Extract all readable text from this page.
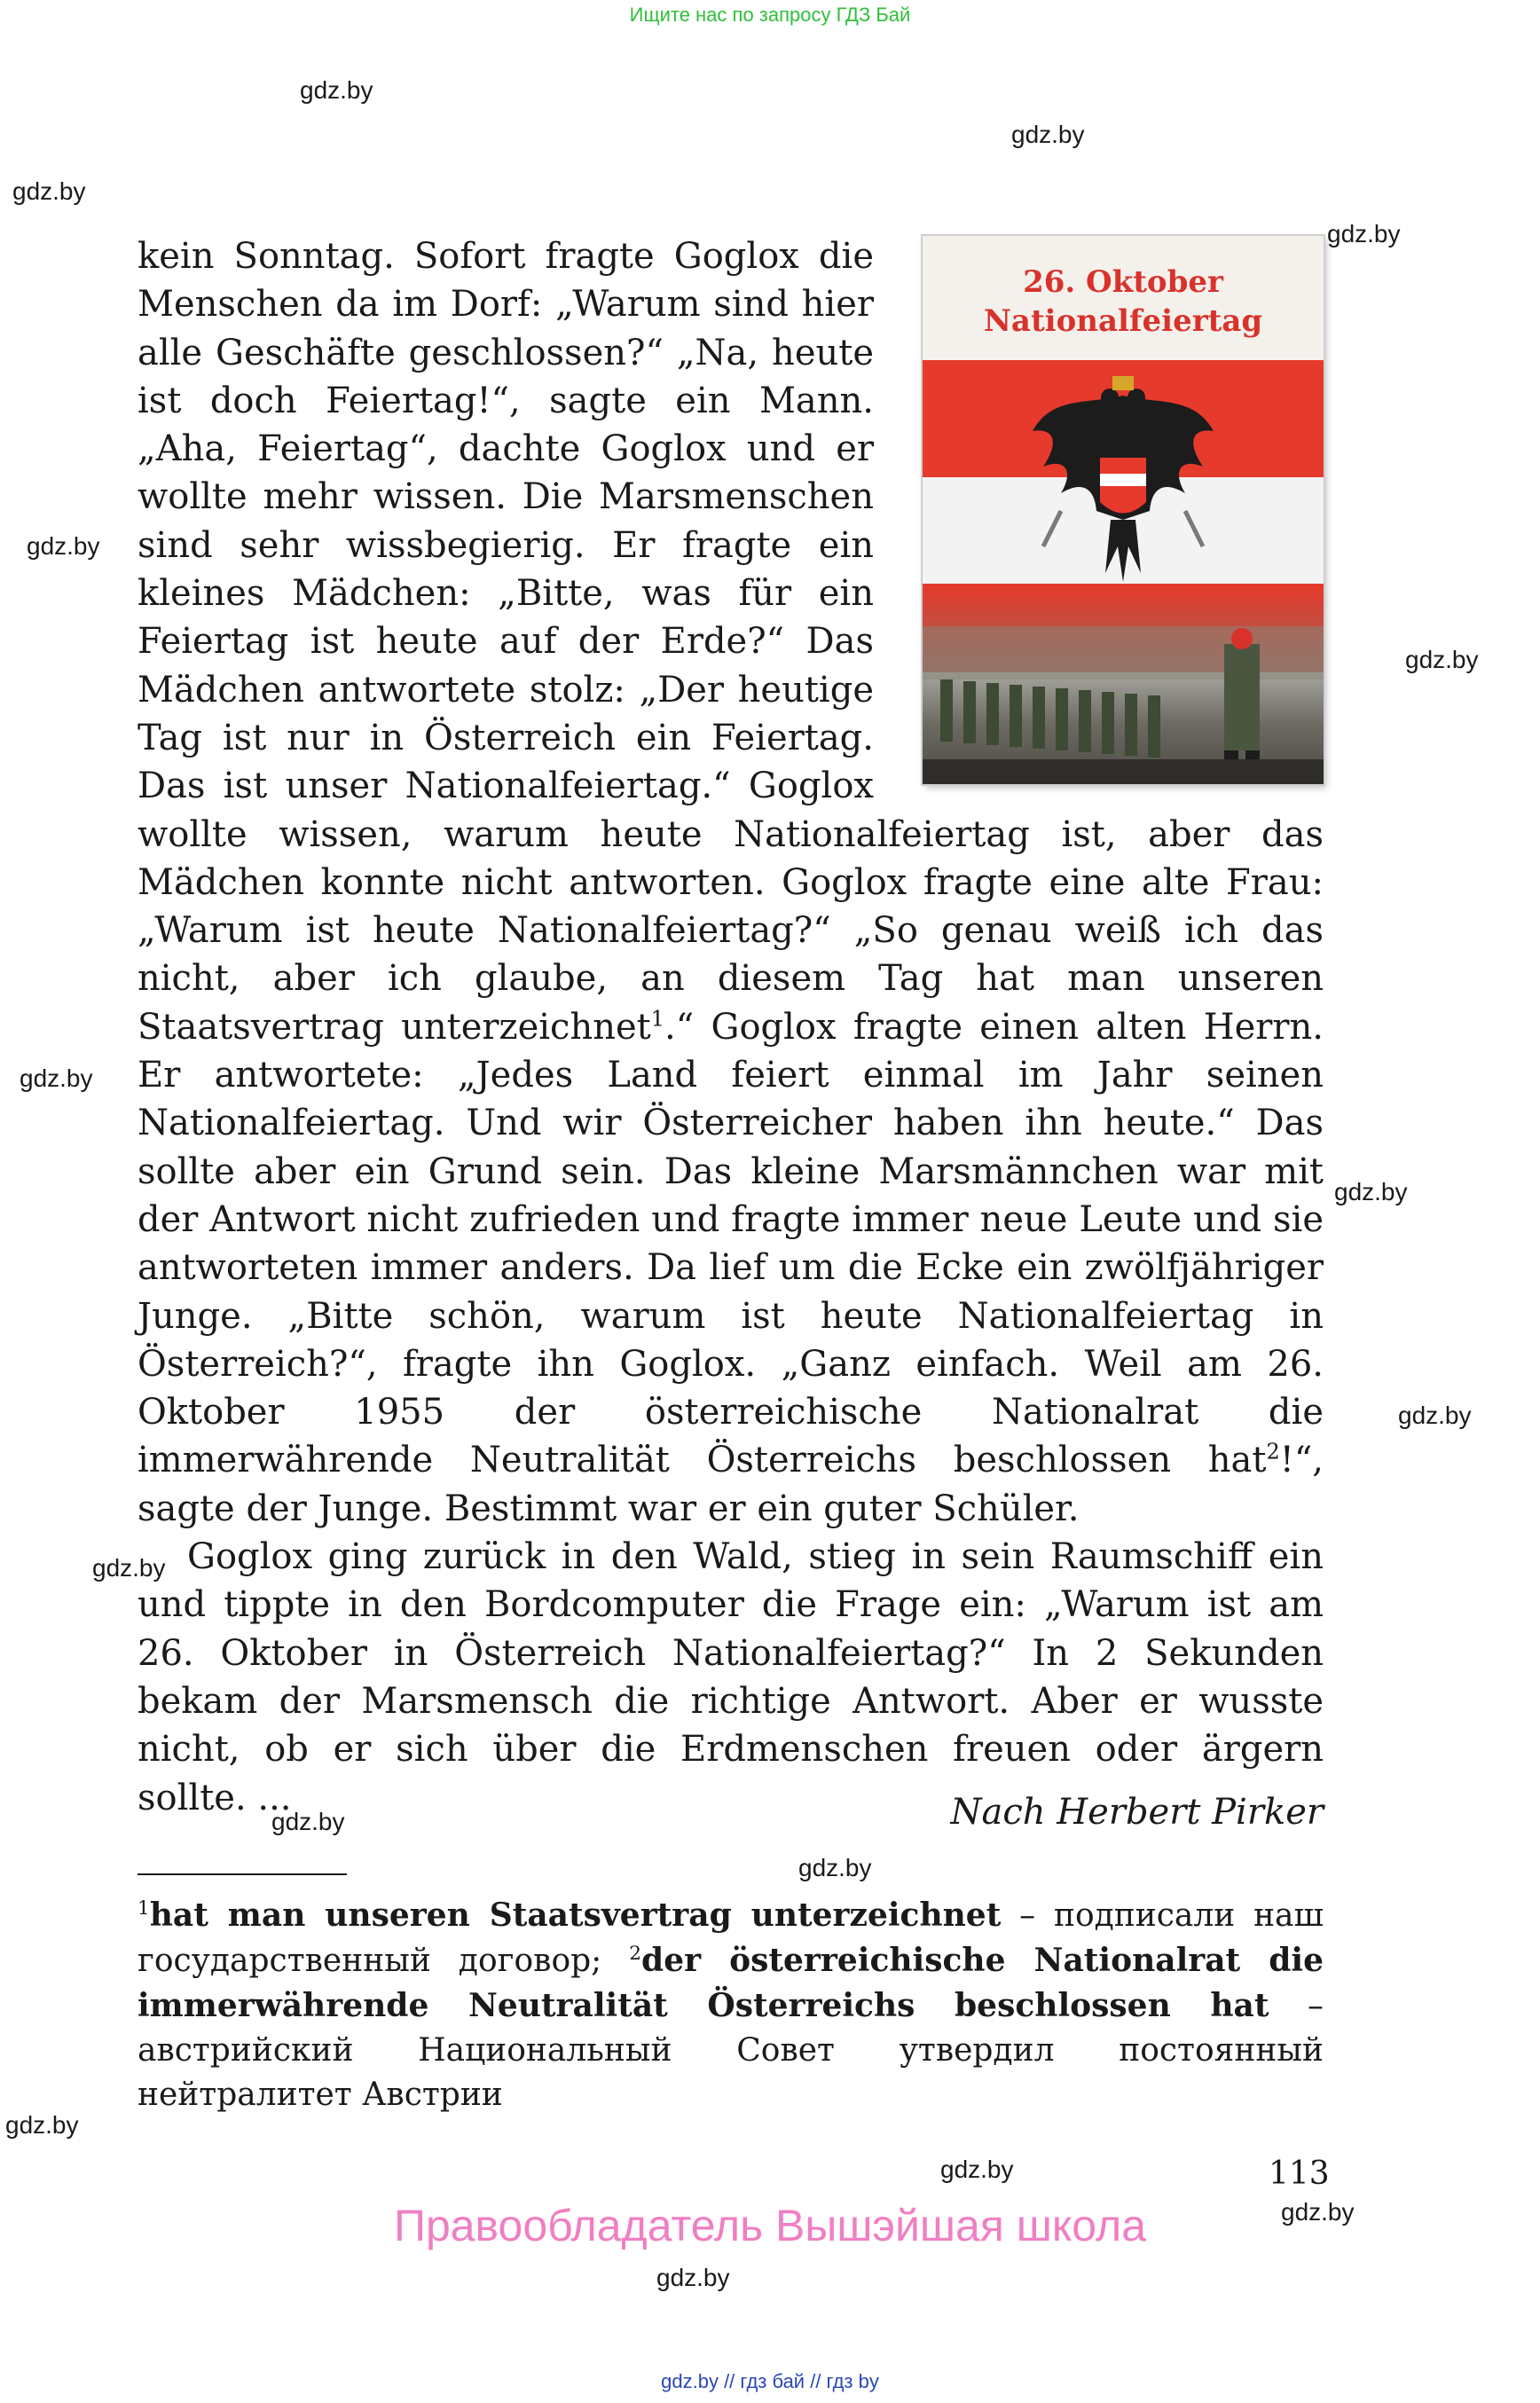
Ищите нас по запросу ГДЗ Бай
gdz.by
gdz.by
gdz.by
gdz.by
gdz.by
gdz.by
gdz.by
gdz.by
gdz.by
gdz.by
gdz.by
gdz.by
gdz.by
gdz.by
gdz.by
gdz.by
26. Oktober
Nationalfeiertag

kein Sonntag. Sofort fragte Goglox die Menschen da im Dorf: „Warum sind hier alle Geschäfte geschlossen?“ „Na, heute ist doch Feiertag!“, sagte ein Mann. „Aha, Feiertag“, dachte Goglox und er wollte mehr wissen. Die Marsmenschen sind sehr wissbegierig. Er fragte ein kleines Mädchen: „Bitte, was für ein Feiertag ist heute auf der Erde?“ Das Mädchen antwortete stolz: „Der heutige Tag ist nur in Österreich ein Feiertag. Das ist unser Nationalfeiertag.“ Goglox wollte wissen, warum heute Nationalfeiertag ist, aber das Mädchen konnte nicht antworten. Goglox fragte eine alte Frau: „Warum ist heute Nationalfeiertag?“ „So genau weiß ich das nicht, aber ich glaube, an diesem Tag hat man unseren Staatsvertrag unterzeichnet$^1$.“ Goglox fragte einen alten Herrn. Er antwortete: „Jedes Land feiert einmal im Jahr seinen Nationalfeiertag. Und wir Österreicher haben ihn heute.“ Das sollte aber ein Grund sein. Das kleine Marsmännchen war mit der Antwort nicht zufrieden und fragte immer neue Leute und sie antworteten immer anders. Da lief um die Ecke ein zwölfjähriger Junge. „Bitte schön, warum ist heute Nationalfeiertag in Österreich?“, fragte ihn Goglox. „Ganz einfach. Weil am 26. Oktober 1955 der österreichische Nationalrat die immerwährende Neutralität Österreichs beschlossen hat$^2$!“, sagte der Junge. Bestimmt war er ein guter Schüler.

Goglox ging zurück in den Wald, stieg in sein Raumschiff ein und tippte in den Bordcomputer die Frage ein: „Warum ist am 26. Oktober in Österreich Nationalfeiertag?“ In 2 Sekunden bekam der Marsmensch die richtige Antwort. Aber er wusste nicht, ob er sich über die Erdmenschen freuen oder ärgern sollte. ...	Nach Herbert Pirker

$^1$hat man unseren Staatsvertrag unterzeichnet – подписали наш государственный договор; $^2$der österreichische Nationalrat die immerwährende Neutralität Österreichs beschlossen hat – австрийский Национальный Совет утвердил постоянный нейтралитет Австрии

113
Правообладатель Вышэйшая школа
gdz.by // гдз бай // гдз by
